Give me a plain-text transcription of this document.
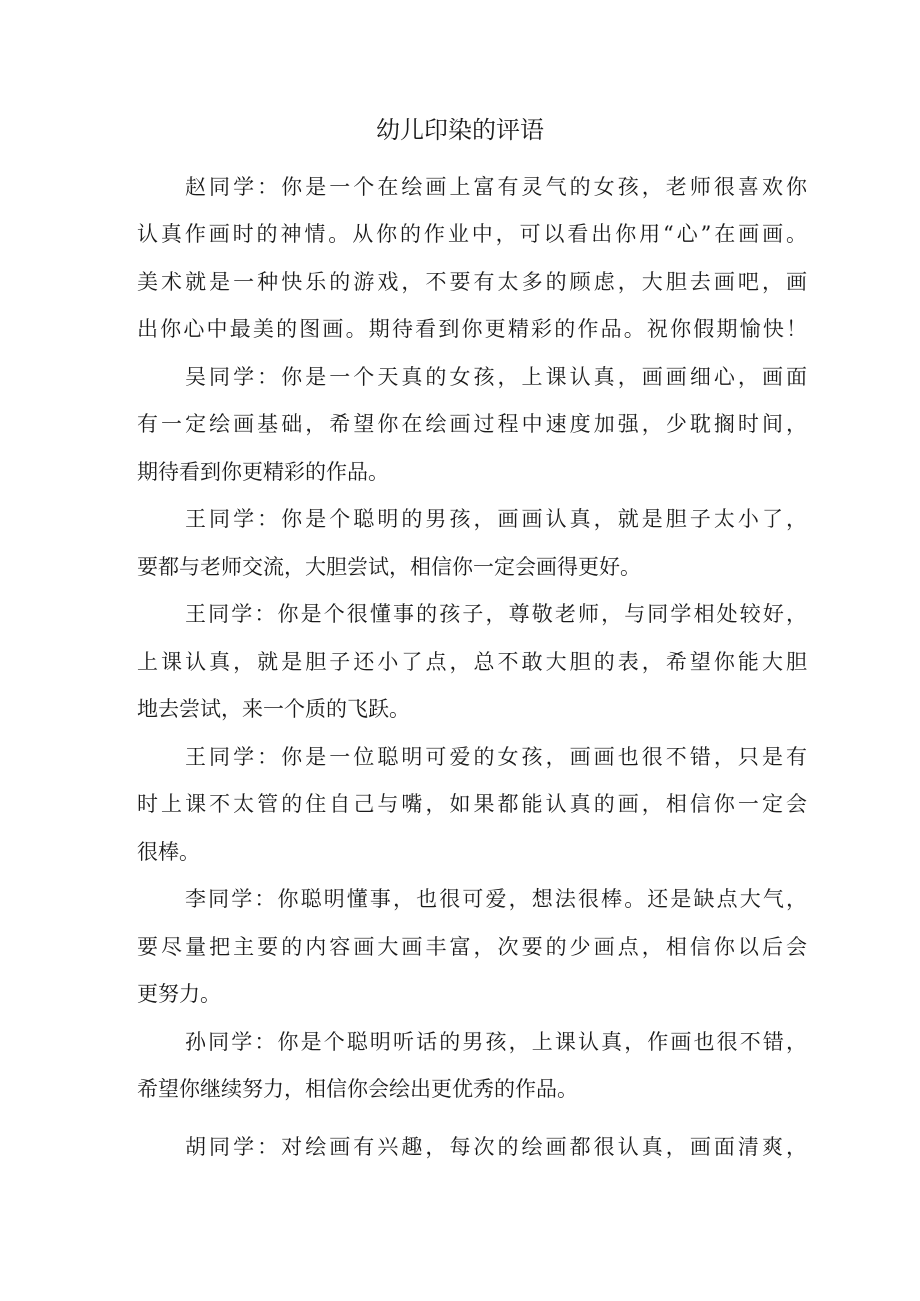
幼儿印染的评语

赵同学：你是一个在绘画上富有灵气的女孩，老师很喜欢你

认真作画时的神情。从你的作业中，可以看出你用“心”在画画。

美术就是一种快乐的游戏，不要有太多的顾虑，大胆去画吧，画

出你心中最美的图画。期待看到你更精彩的作品。祝你假期愉快！

吴同学：你是一个天真的女孩，上课认真，画画细心，画面

有一定绘画基础，希望你在绘画过程中速度加强，少耽搁时间，

期待看到你更精彩的作品。

王同学：你是个聪明的男孩，画画认真，就是胆子太小了，

要都与老师交流，大胆尝试，相信你一定会画得更好。

王同学：你是个很懂事的孩子，尊敬老师，与同学相处较好，

上课认真，就是胆子还小了点，总不敢大胆的表，希望你能大胆

地去尝试，来一个质的飞跃。

王同学：你是一位聪明可爱的女孩，画画也很不错，只是有

时上课不太管的住自己与嘴，如果都能认真的画，相信你一定会

很棒。

李同学：你聪明懂事，也很可爱，想法很棒。还是缺点大气，

要尽量把主要的内容画大画丰富，次要的少画点，相信你以后会

更努力。

孙同学：你是个聪明听话的男孩，上课认真，作画也很不错，

希望你继续努力，相信你会绘出更优秀的作品。

胡同学：对绘画有兴趣，每次的绘画都很认真，画面清爽，
